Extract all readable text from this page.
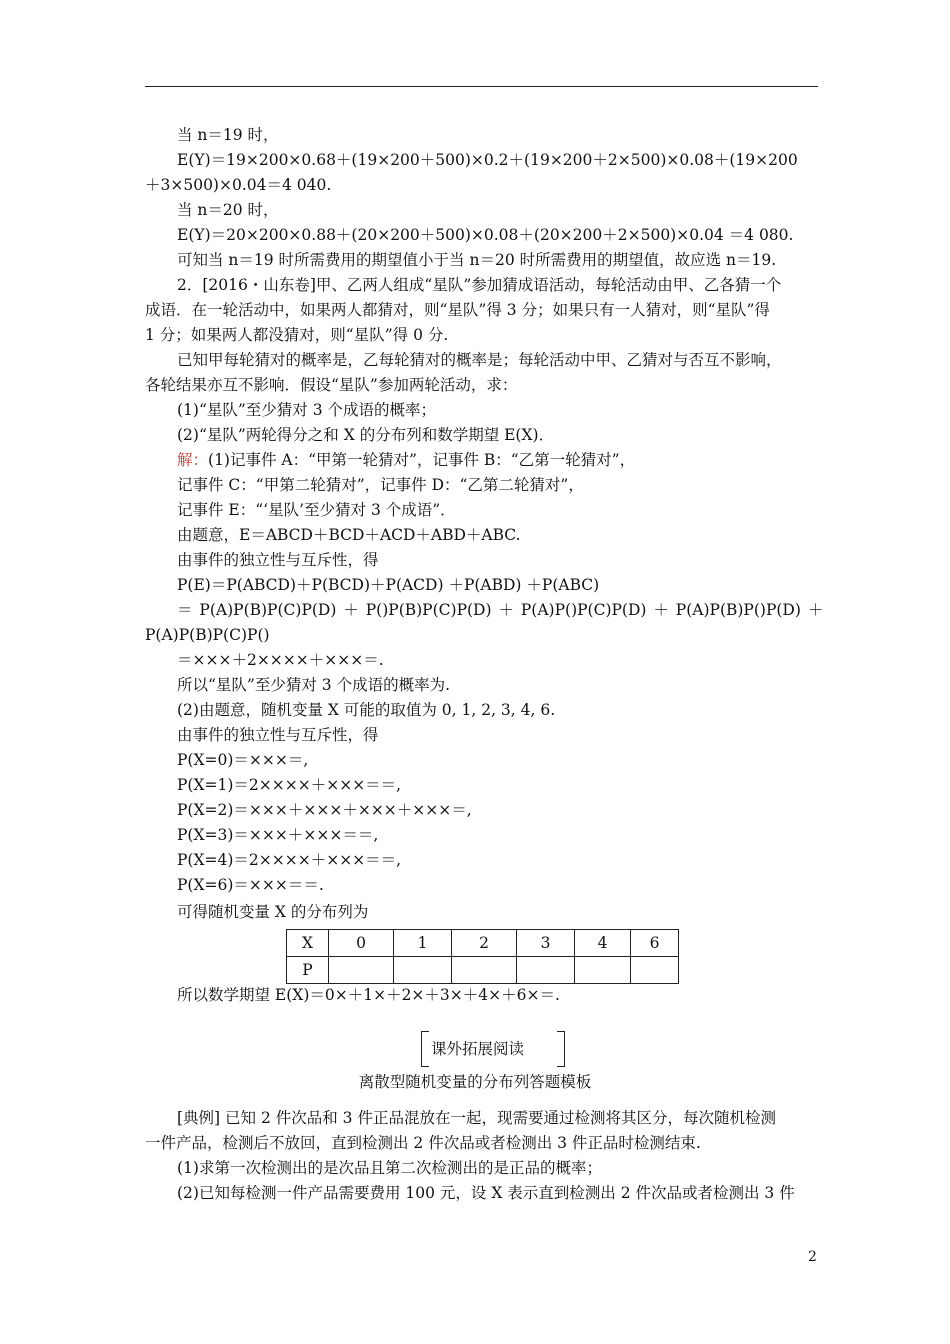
当 n＝19 时，
E(Y)＝19×200×0.68＋(19×200＋500)×0.2＋(19×200＋2×500)×0.08＋(19×200
＋3×500)×0.04＝4 040.
当 n＝20 时，
E(Y)＝20×200×0.88＋(20×200＋500)×0.08＋(20×200＋2×500)×0.04 ＝4 080.
可知当 n＝19 时所需费用的期望值小于当 n＝20 时所需费用的期望值，故应选 n＝19.
2．[2016・山东卷]甲、乙两人组成“星队”参加猜成语活动，每轮活动由甲、乙各猜一个
成语．在一轮活动中，如果两人都猜对，则“星队”得 3 分；如果只有一人猜对，则“星队”得
1 分；如果两人都没猜对，则“星队”得 0 分.
已知甲每轮猜对的概率是，乙每轮猜对的概率是；每轮活动中甲、乙猜对与否互不影响，
各轮结果亦互不影响．假设“星队”参加两轮活动，求：
(1)“星队”至少猜对 3 个成语的概率；
(2)“星队”两轮得分之和 X 的分布列和数学期望 E(X)．
解：(1)记事件 A：“甲第一轮猜对”，记事件 B：“乙第一轮猜对”，
记事件 C：“甲第二轮猜对”，记事件 D：“乙第二轮猜对”，
记事件 E：“‘星队’至少猜对 3 个成语”．
由题意，E＝ABCD＋BCD＋ACD＋ABD＋ABC.
由事件的独立性与互斥性，得
P(E)＝P(ABCD)＋P(BCD)＋P(ACD) ＋P(ABD) ＋P(ABC)
＝ P(A)P(B)P(C)P(D) ＋ P()P(B)P(C)P(D) ＋ P(A)P()P(C)P(D) ＋ P(A)P(B)P()P(D) ＋
P(A)P(B)P(C)P()
＝×××＋2××××＋×××＝.
所以“星队”至少猜对 3 个成语的概率为.
(2)由题意，随机变量 X 可能的取值为 0, 1, 2, 3, 4, 6.
由事件的独立性与互斥性，得
P(X=0)＝×××＝,
P(X=1)＝2××××＋×××＝＝,
P(X=2)＝×××＋×××＋×××＋×××＝,
P(X=3)＝×××＋×××＝＝,
P(X=4)＝2××××＋×××＝＝,
P(X=6)＝×××＝＝.
可得随机变量 X 的分布列为
X	0	1	2	3	4	6
P						
所以数学期望 E(X)＝0×＋1×＋2×＋3×＋4×＋6×＝.
课外拓展阅读
离散型随机变量的分布列答题模板
[典例] 已知 2 件次品和 3 件正品混放在一起，现需要通过检测将其区分，每次随机检测
一件产品，检测后不放回，直到检测出 2 件次品或者检测出 3 件正品时检测结束.
(1)求第一次检测出的是次品且第二次检测出的是正品的概率；
(2)已知每检测一件产品需要费用 100 元，设 X 表示直到检测出 2 件次品或者检测出 3 件
2
